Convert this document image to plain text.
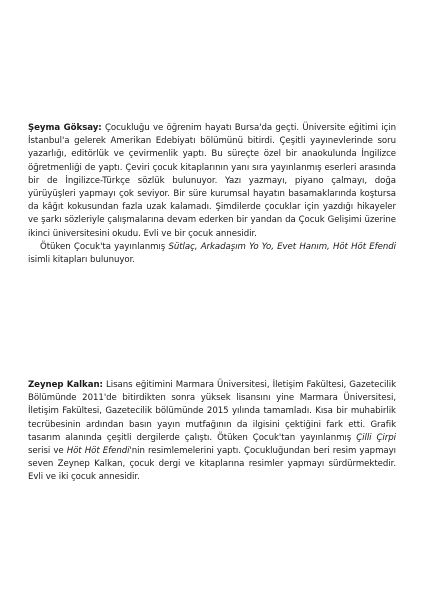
Şeyma Göksay: Çocukluğu ve öğrenim hayatı Bursa'da geçti. Üniversite eğitimi için İstanbul'a gelerek Amerikan Edebiyatı bölümünü bitirdi. Çeşitli yayınevlerinde soru yazarlığı, editörlük ve çevirmenlik yaptı. Bu süreçte özel bir anaokulunda İngilizce öğretmenliği de yaptı. Çeviri çocuk kitaplarının yanı sıra yayınlanmış eserleri arasında bir de İngilizce-Türkçe sözlük bulunuyor. Yazı yazmayı, piyano çalmayı, doğa yürüyüşleri yapmayı çok seviyor. Bir süre kurumsal hayatın basamaklarında koştursa da kâğıt kokusundan fazla uzak kalamadı. Şimdilerde çocuklar için yazdığı hikayeler ve şarkı sözleriyle çalışmalarına devam ederken bir yandan da Çocuk Gelişimi üzerine ikinci üniversitesini okudu. Evli ve bir çocuk annesidir.

Ötüken Çocuk'ta yayınlanmış Sütlaç, Arkadaşım Yo Yo, Evet Hanım, Höt Höt Efendi isimli kitapları bulunuyor.

Zeynep Kalkan: Lisans eğitimini Marmara Üniversitesi, İletişim Fakültesi, Gazetecilik Bölümünde 2011'de bitirdikten sonra yüksek lisansını yine Marmara Üniversitesi, İletişim Fakültesi, Gazetecilik bölümünde 2015 yılında tamamladı. Kısa bir muhabirlik tecrübesinin ardından basın yayın mutfağının da ilgisini çektiğini fark etti. Grafik tasarım alanında çeşitli dergilerde çalıştı. Ötüken Çocuk'tan yayınlanmış Çilli Çirpi serisi ve Höt Höt Efendi'nin resimlemelerini yaptı. Çocukluğundan beri resim yapmayı seven Zeynep Kalkan, çocuk dergi ve kitaplarına resimler yapmayı sürdürmektedir. Evli ve iki çocuk annesidir.
